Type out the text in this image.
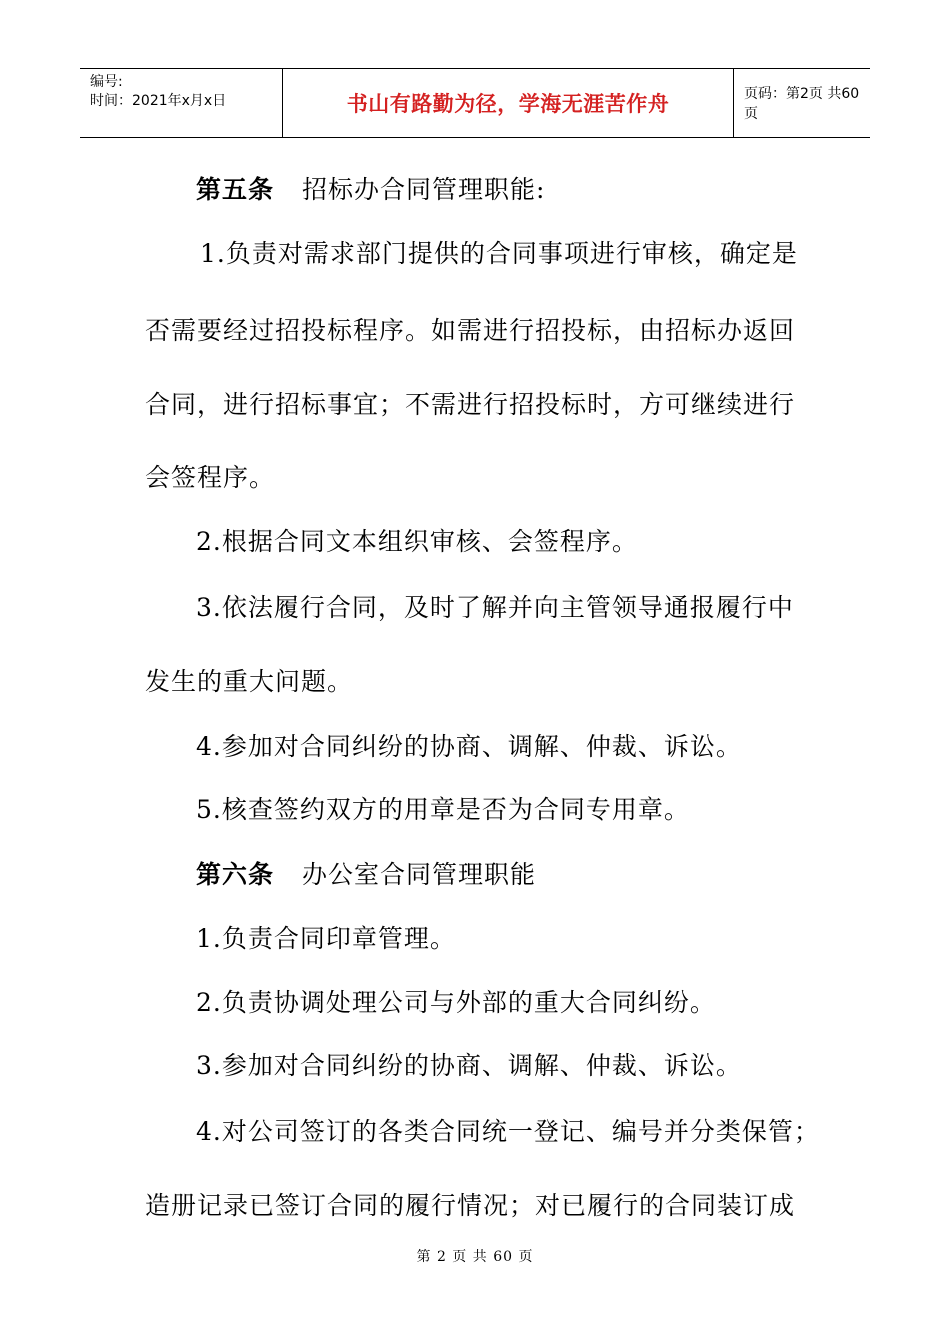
编号:
时间：2021年x月x日	书山有路勤为径，学海无涯苦作舟	页码：第2页 共60页
第五条 招标办合同管理职能:
1.负责对需求部门提供的合同事项进行审核，确定是
否需要经过招投标程序。如需进行招投标，由招标办返回
合同，进行招标事宜；不需进行招投标时，方可继续进行
会签程序。
2.根据合同文本组织审核、会签程序。
3.依法履行合同，及时了解并向主管领导通报履行中
发生的重大问题。
4.参加对合同纠纷的协商、调解、仲裁、诉讼。
5.核查签约双方的用章是否为合同专用章。
第六条 办公室合同管理职能
1.负责合同印章管理。
2.负责协调处理公司与外部的重大合同纠纷。
3.参加对合同纠纷的协商、调解、仲裁、诉讼。
4.对公司签订的各类合同统一登记、编号并分类保管；
造册记录已签订合同的履行情况；对已履行的合同装订成
第 2 页 共 60 页
